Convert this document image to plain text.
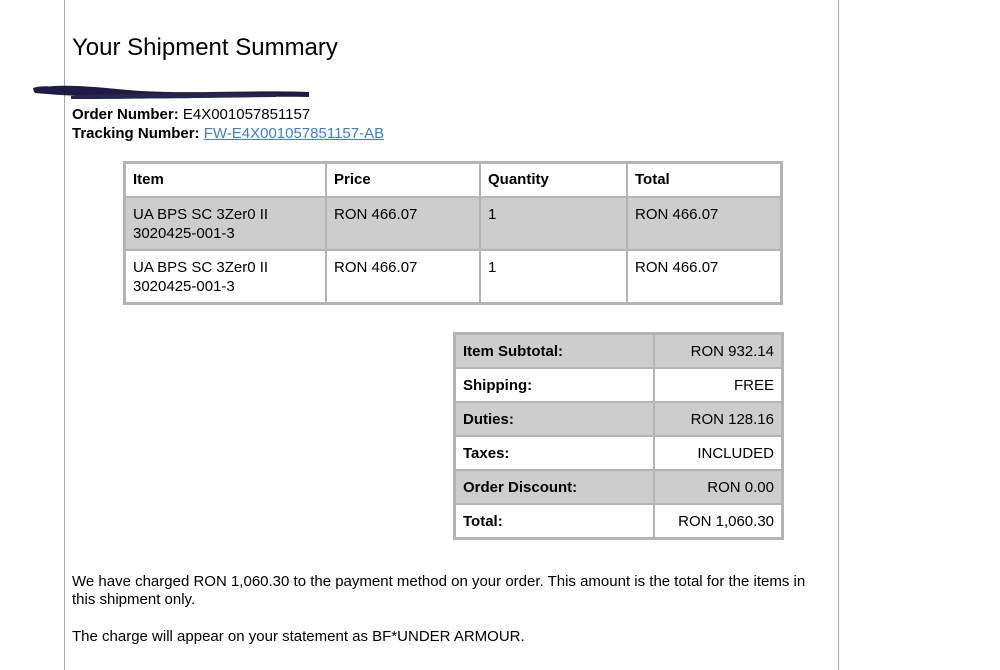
Your Shipment Summary
Order Number: E4X001057851157
Tracking Number: FW-E4X001057851157-AB
Item	Price	Quantity	Total

UA BPS SC 3Zer0 II
3020425-001-3	RON 466.07	1	RON 466.07

UA BPS SC 3Zer0 II
3020425-001-3	RON 466.07	1	RON 466.07
Item Subtotal:	RON 932.14
Shipping:	FREE
Duties:	RON 128.16
Taxes:	INCLUDED
Order Discount:	RON 0.00
Total:	RON 1,060.30

We have charged RON 1,060.30 to the payment method on your order. This amount is the total for the items in this shipment only.

The charge will appear on your statement as BF*UNDER ARMOUR.
